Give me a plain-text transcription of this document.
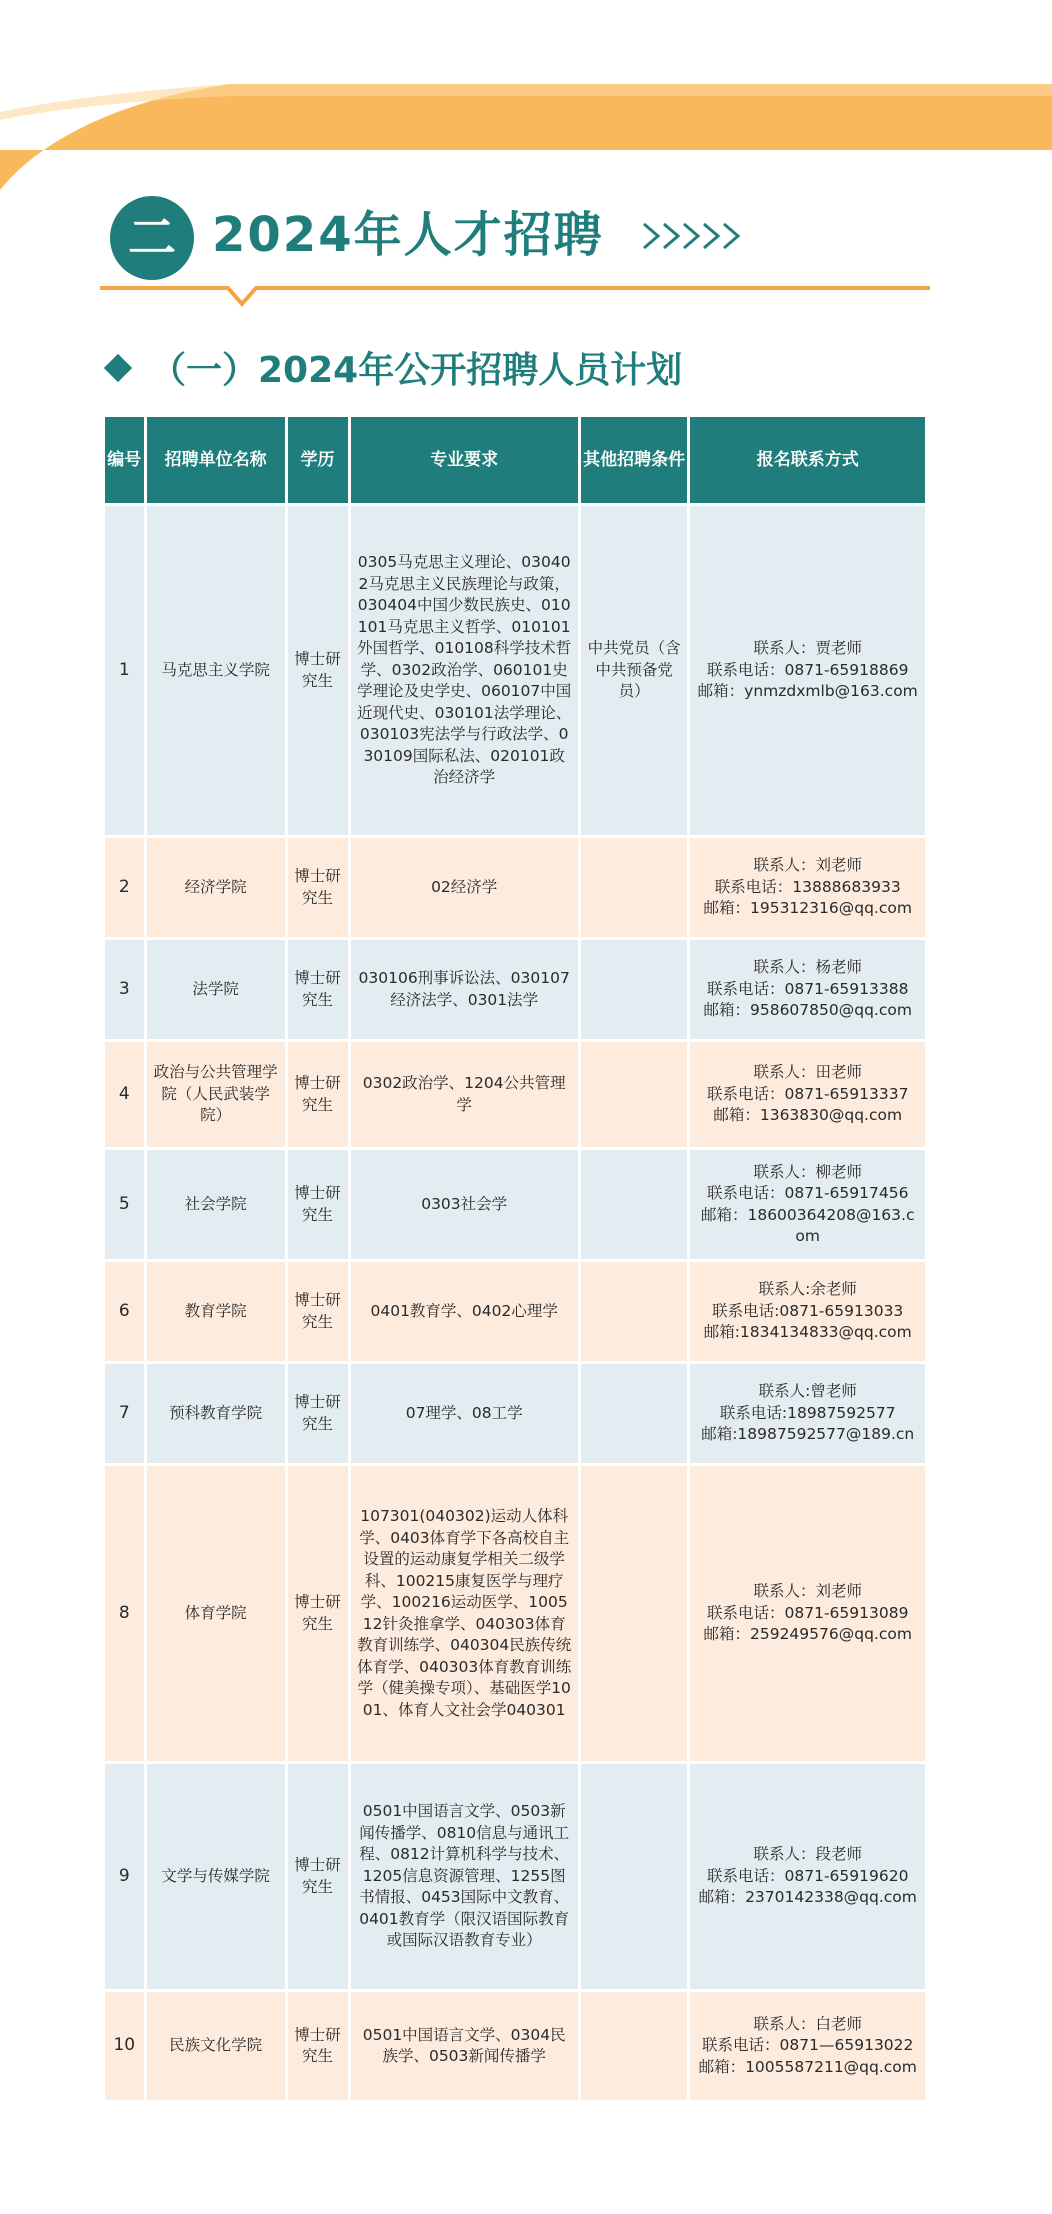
二 2024年人才招聘
（一）2024年公开招聘人员计划
编号	招聘单位名称	学历	专业要求	其他招聘条件	报名联系方式
1	马克思主义学院	博士研究生	0305马克思主义理论、030402马克思主义民族理论与政策，030404中国少数民族史、010101马克思主义哲学、010101外国哲学、010108科学技术哲学、0302政治学、060101史学理论及史学史、060107中国近现代史、030101法学理论、030103宪法学与行政法学、030109国际私法、020101政治经济学	中共党员（含中共预备党员）	联系人：贾老师
联系电话：0871-65918869
邮箱：ynmzdxmlb@163.com

2	经济学院	博士研究生	02经济学		联系人：刘老师
联系电话：13888683933
邮箱：195312316@qq.com

3	法学院	博士研究生	030106刑事诉讼法、030107经济法学、0301法学		联系人：杨老师
联系电话：0871-65913388
邮箱：958607850@qq.com

4	政治与公共管理学院（人民武装学院）	博士研究生	0302政治学、1204公共管理学		联系人：田老师
联系电话：0871-65913337
邮箱：1363830@qq.com

5	社会学院	博士研究生	0303社会学		联系人：柳老师
联系电话：0871-65917456
邮箱：18600364208@163.com

6	教育学院	博士研究生	0401教育学、0402心理学		联系人:余老师
联系电话:0871-65913033
邮箱:1834134833@qq.com

7	预科教育学院	博士研究生	07理学、08工学		联系人:曾老师
联系电话:18987592577
邮箱:18987592577@189.cn

8	体育学院	博士研究生	107301(040302)运动人体科学、0403体育学下各高校自主设置的运动康复学相关二级学科、100215康复医学与理疗学、100216运动医学、100512针灸推拿学、040303体育教育训练学、040304民族传统体育学、040303体育教育训练学（健美操专项）、基础医学1001、体育人文社会学040301		联系人：刘老师
联系电话：0871-65913089
邮箱：259249576@qq.com

9	文学与传媒学院	博士研究生	0501中国语言文学、0503新闻传播学、0810信息与通讯工程、0812计算机科学与技术、1205信息资源管理、1255图书情报、0453国际中文教育、0401教育学（限汉语国际教育或国际汉语教育专业）		联系人：段老师
联系电话：0871-65919620
邮箱：2370142338@qq.com

10	民族文化学院	博士研究生	0501中国语言文学、0304民族学、0503新闻传播学		联系人：白老师
联系电话：0871—65913022
邮箱：1005587211@qq.com
